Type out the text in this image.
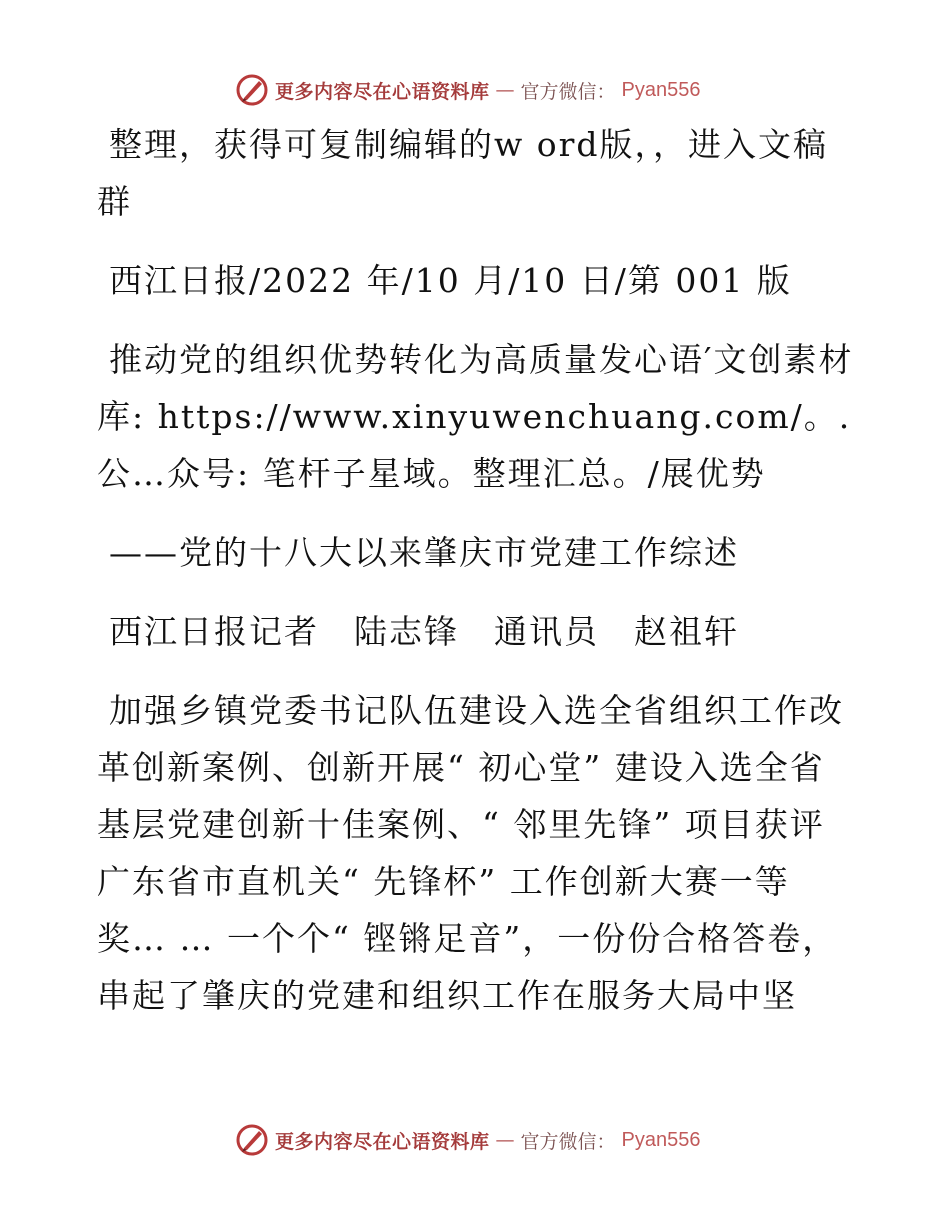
更多内容尽在心语资料库 — 官方微信： Pyan556

整理，获得可复制编辑的w ord版，，进入文稿群

西江日报/2022 年/10 月/10 日/第 001 版

推动党的组织优势转化为高质量发心语′文创素材库: https://www.xinyuwenchuang.com/。.公…众号: 笔杆子星域。整理汇总。/展优势

——党的十八大以来肇庆市党建工作综述

西江日报记者　陆志锋　通讯员　赵祖轩

加强乡镇党委书记队伍建设入选全省组织工作改革创新案例、创新开展“ 初心堂” 建设入选全省基层党建创新十佳案例、“ 邻里先锋” 项目获评广东省市直机关“ 先锋杯” 工作创新大赛一等奖… … 一个个“ 铿锵足音”，一份份合格答卷，串起了肇庆的党建和组织工作在服务大局中坚

更多内容尽在心语资料库 — 官方微信： Pyan556
